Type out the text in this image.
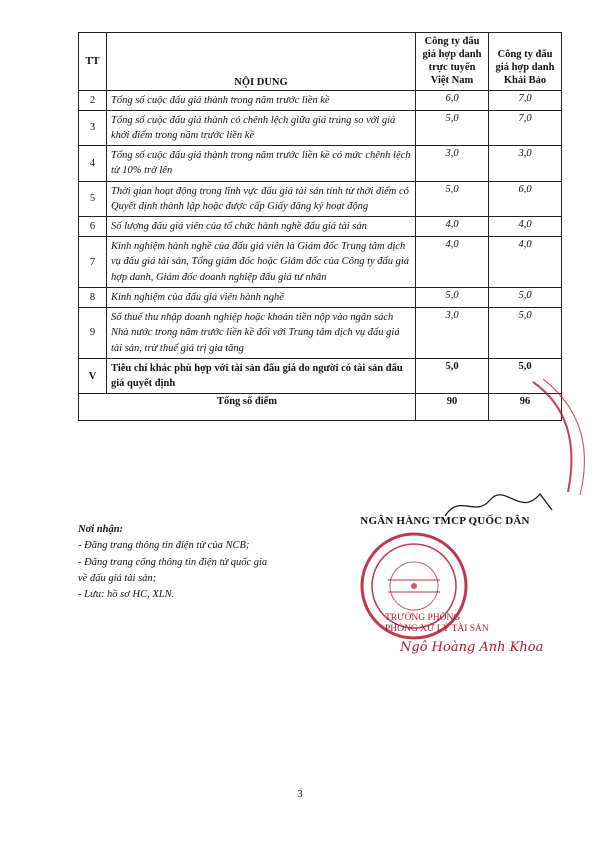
TT	NỘI DUNG	Công ty đấu giá hợp danh trực tuyến Việt Nam	Công ty đấu giá hợp danh Khải Bảo
2	Tổng số cuộc đấu giá thành trong năm trước liền kề	6,0	7,0
3	Tổng số cuộc đấu giá thành có chênh lệch giữa giá trúng so với giá khởi điểm trong năm trước liền kề	5,0	7,0
4	Tổng số cuộc đấu giá thành trong năm trước liền kề có mức chênh lệch từ 10% trở lên	3,0	3,0
5	Thời gian hoạt động trong lĩnh vực đấu giá tài sản tính từ thời điểm có Quyết định thành lập hoặc được cấp Giấy đăng ký hoạt động	5,0	6,0
6	Số lượng đấu giá viên của tổ chức hành nghề đấu giá tài sản	4,0	4,0
7	Kinh nghiệm hành nghề của đấu giá viên là Giám đốc Trung tâm dịch vụ đấu giá tài sản, Tổng giám đốc hoặc Giám đốc của Công ty đấu giá hợp danh, Giám đốc doanh nghiệp đấu giá tư nhân	4,0	4,0
8	Kinh nghiệm của đấu giá viên hành nghề	5,0	5,0
9	Số thuế thu nhập doanh nghiệp hoặc khoản tiền nộp vào ngân sách Nhà nước trong năm trước liền kề đối với Trung tâm dịch vụ đấu giá tài sản, trừ thuế giá trị gia tăng	3,0	5,0
V	Tiêu chí khác phù hợp với tài sản đấu giá do người có tài sản đấu giá quyết định	5,0	5,0
Tổng số điểm		90	96
Nơi nhận:
- Đăng trang thông tin điện tử của NCB;
- Đăng trang cổng thông tin điện tử quốc gia về đấu giá tài sản;
- Lưu: hồ sơ HC, XLN.
NGÂN HÀNG TMCP QUỐC DÂN
TRƯỞNG PHÒNG
PHÒNG XỬ LÝ TÀI SẢN
Ngô Hoàng Anh Khoa
3
